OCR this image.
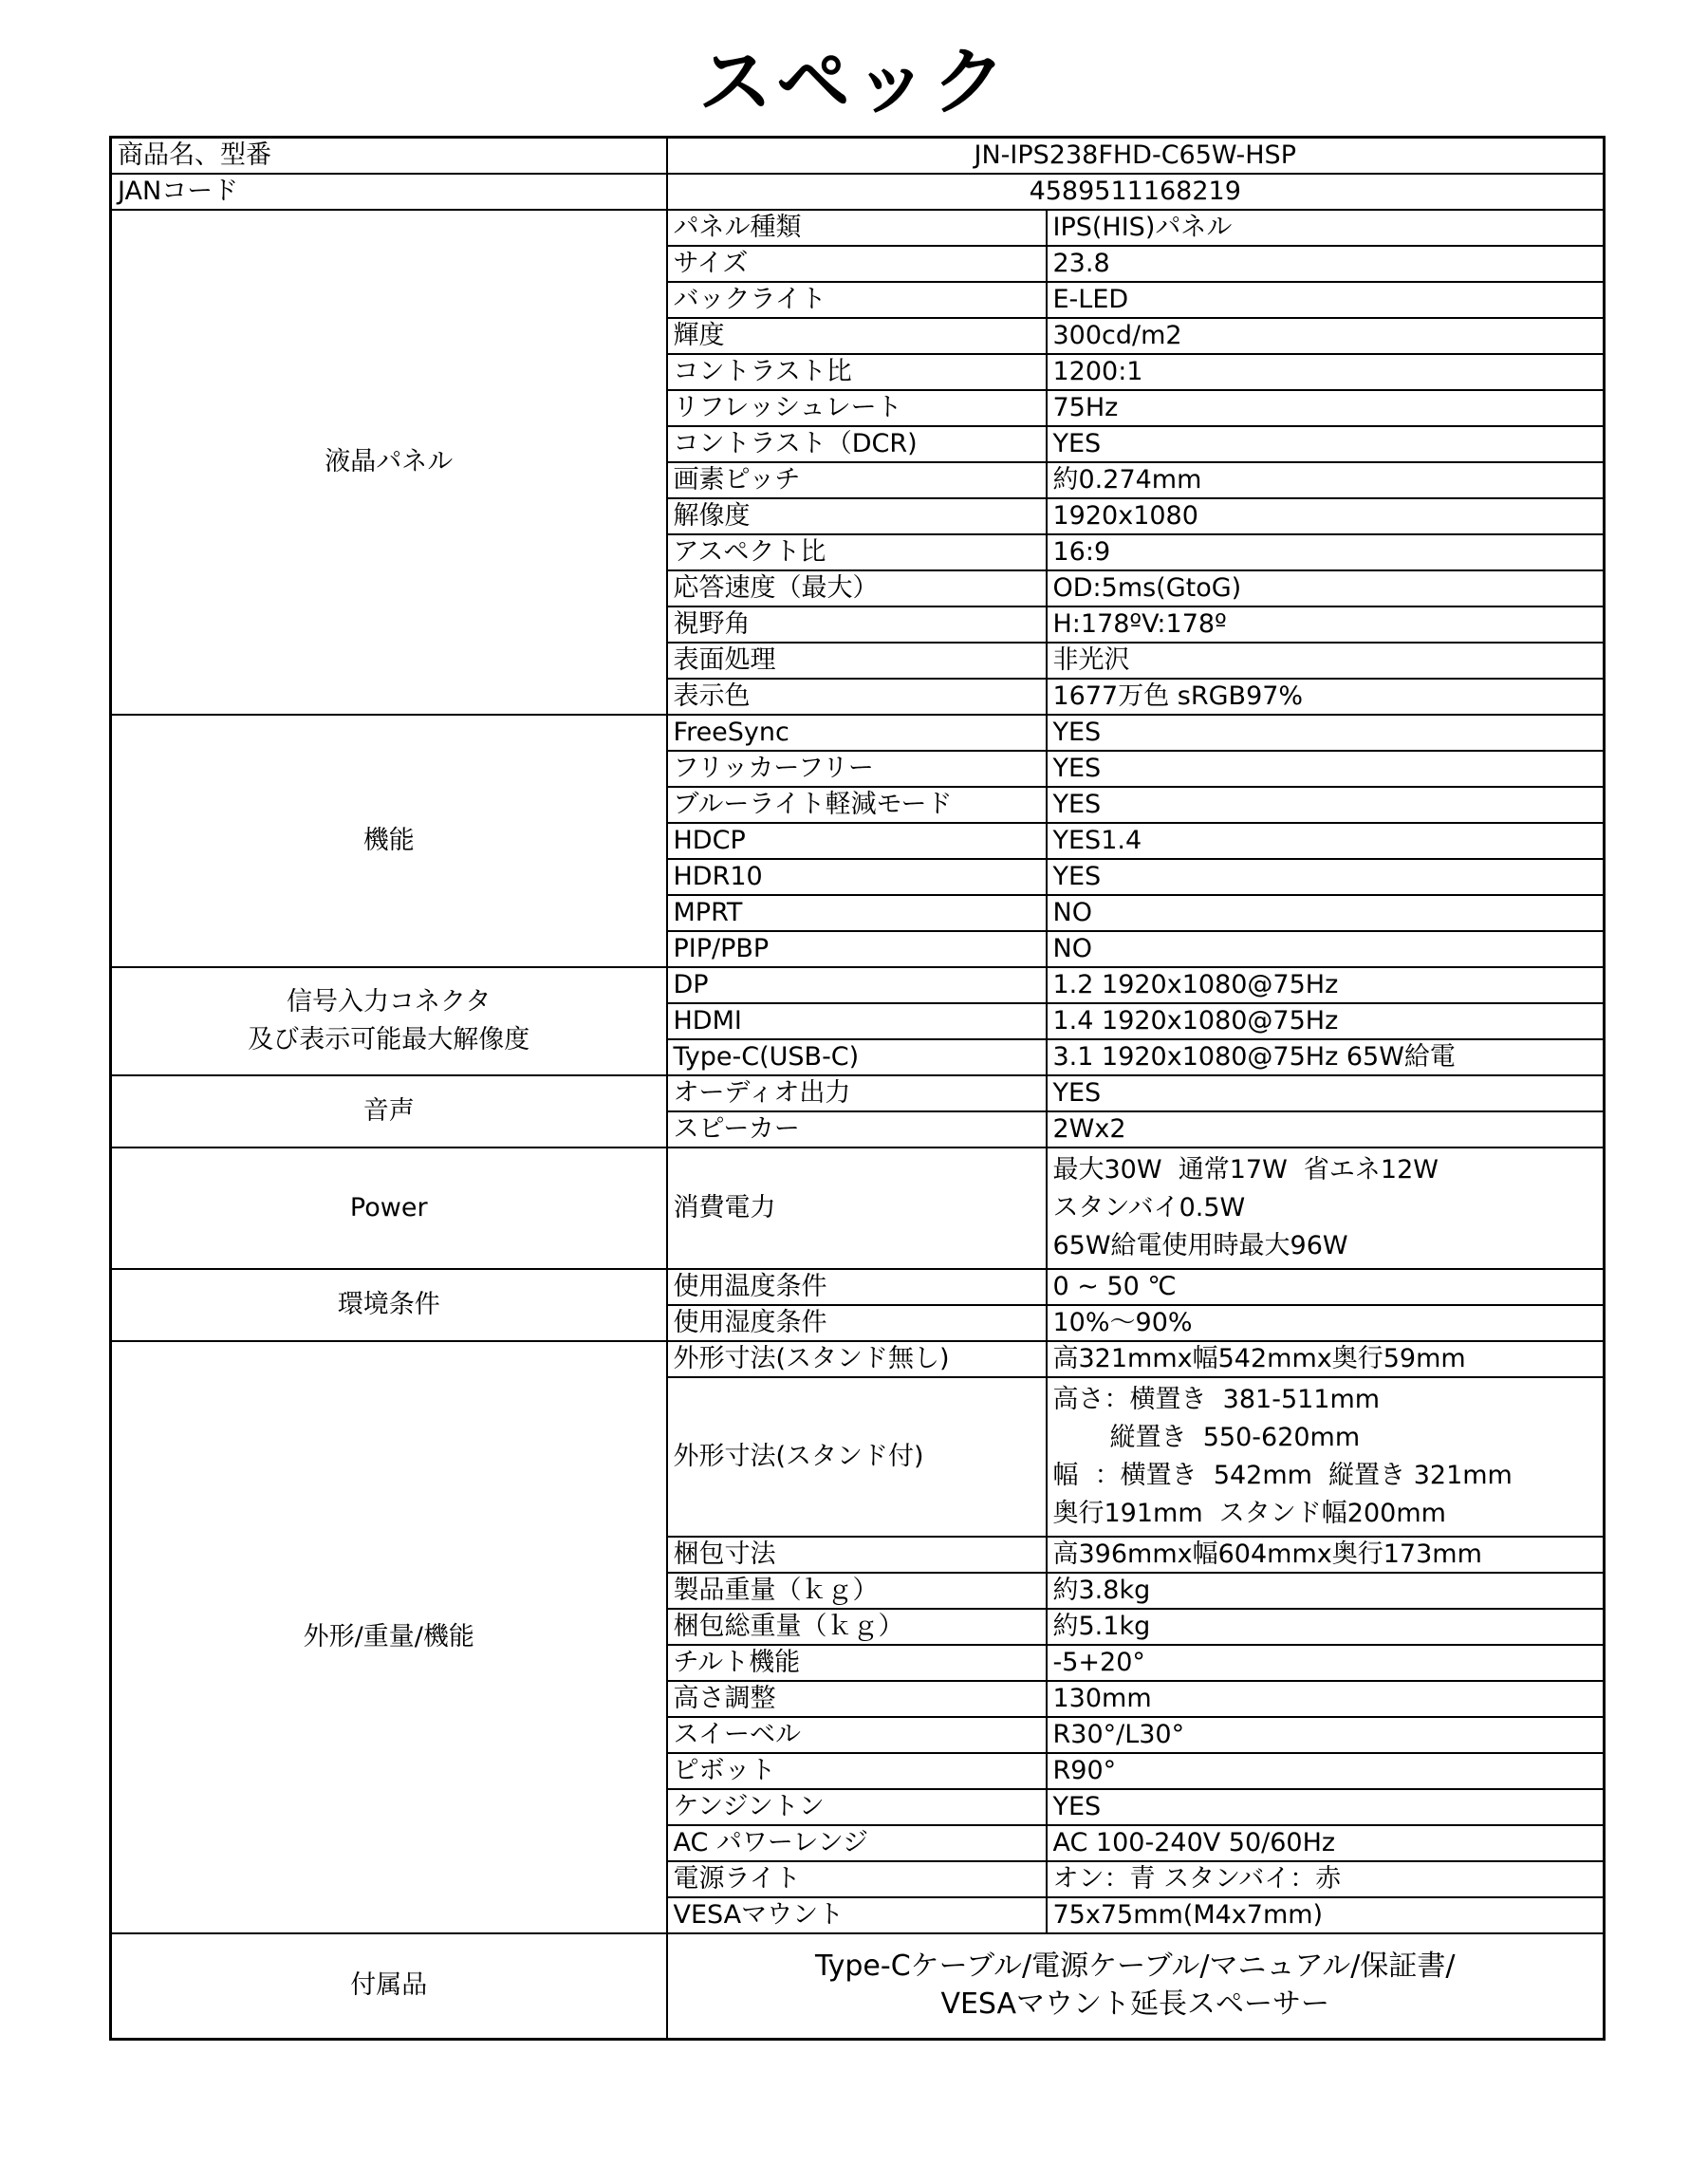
スペック
商品名、型番	JN-IPS238FHD-C65W-HSP	
JANコード	4589511168219	
液晶パネル	パネル種類	IPS(HIS)パネル
	サイズ	23.8
	バックライト	E-LED
	輝度	300cd/m2
	コントラスト比	1200:1
	リフレッシュレート	75Hz
	コントラスト（DCR)	YES
	画素ピッチ	約0.274mm
	解像度	1920x1080
	アスペクト比	16:9
	応答速度（最大）	OD:5ms(GtoG)
	視野角	H:178ºV:178º
	表面処理	非光沢
	表示色	1677万色 sRGB97%
機能	FreeSync	YES
	フリッカーフリー	YES
	ブルーライト軽減モード	YES
	HDCP	YES1.4
	HDR10	YES
	MPRT	NO
	PIP/PBP	NO

信号入力コネクタ
及び表示可能最大解像度	DP	1.2 1920x1080@75Hz
	HDMI	1.4 1920x1080@75Hz
	Type-C(USB-C)	3.1 1920x1080@75Hz 65W給電
音声	オーディオ出力	YES
	スピーカー	2Wx2
Power	消費電力	最大30W  通常17W  省エネ12W
スタンバイ0.5W
65W給電使用時最大96W

環境条件	使用温度条件	0 ~ 50 ℃
	使用湿度条件	10%～90%
外形/重量/機能	外形寸法(スタンド無し)	高321mmx幅542mmx奥行59mm
	外形寸法(スタンド付)	高さ：横置き  381-511mm
縦置き  550-620mm
幅  ：横置き  542mm  縦置き 321mm
奥行191mm  スタンド幅200mm

	梱包寸法	高396mmx幅604mmx奥行173mm
	製品重量（ｋｇ）	約3.8kg
	梱包総重量（ｋｇ）	約5.1kg
	チルト機能	-5+20°
	高さ調整	130mm
	スイーベル	R30°/L30°
	ピボット	R90°
	ケンジントン	YES
	AC パワーレンジ	AC 100-240V 50/60Hz
	電源ライト	オン：青 スタンバイ：赤
	VESAマウント	75x75mm(M4x7mm)
付属品	Type-Cケーブル/電源ケーブル/マニュアル/保証書/
VESAマウント延長スペーサー	
